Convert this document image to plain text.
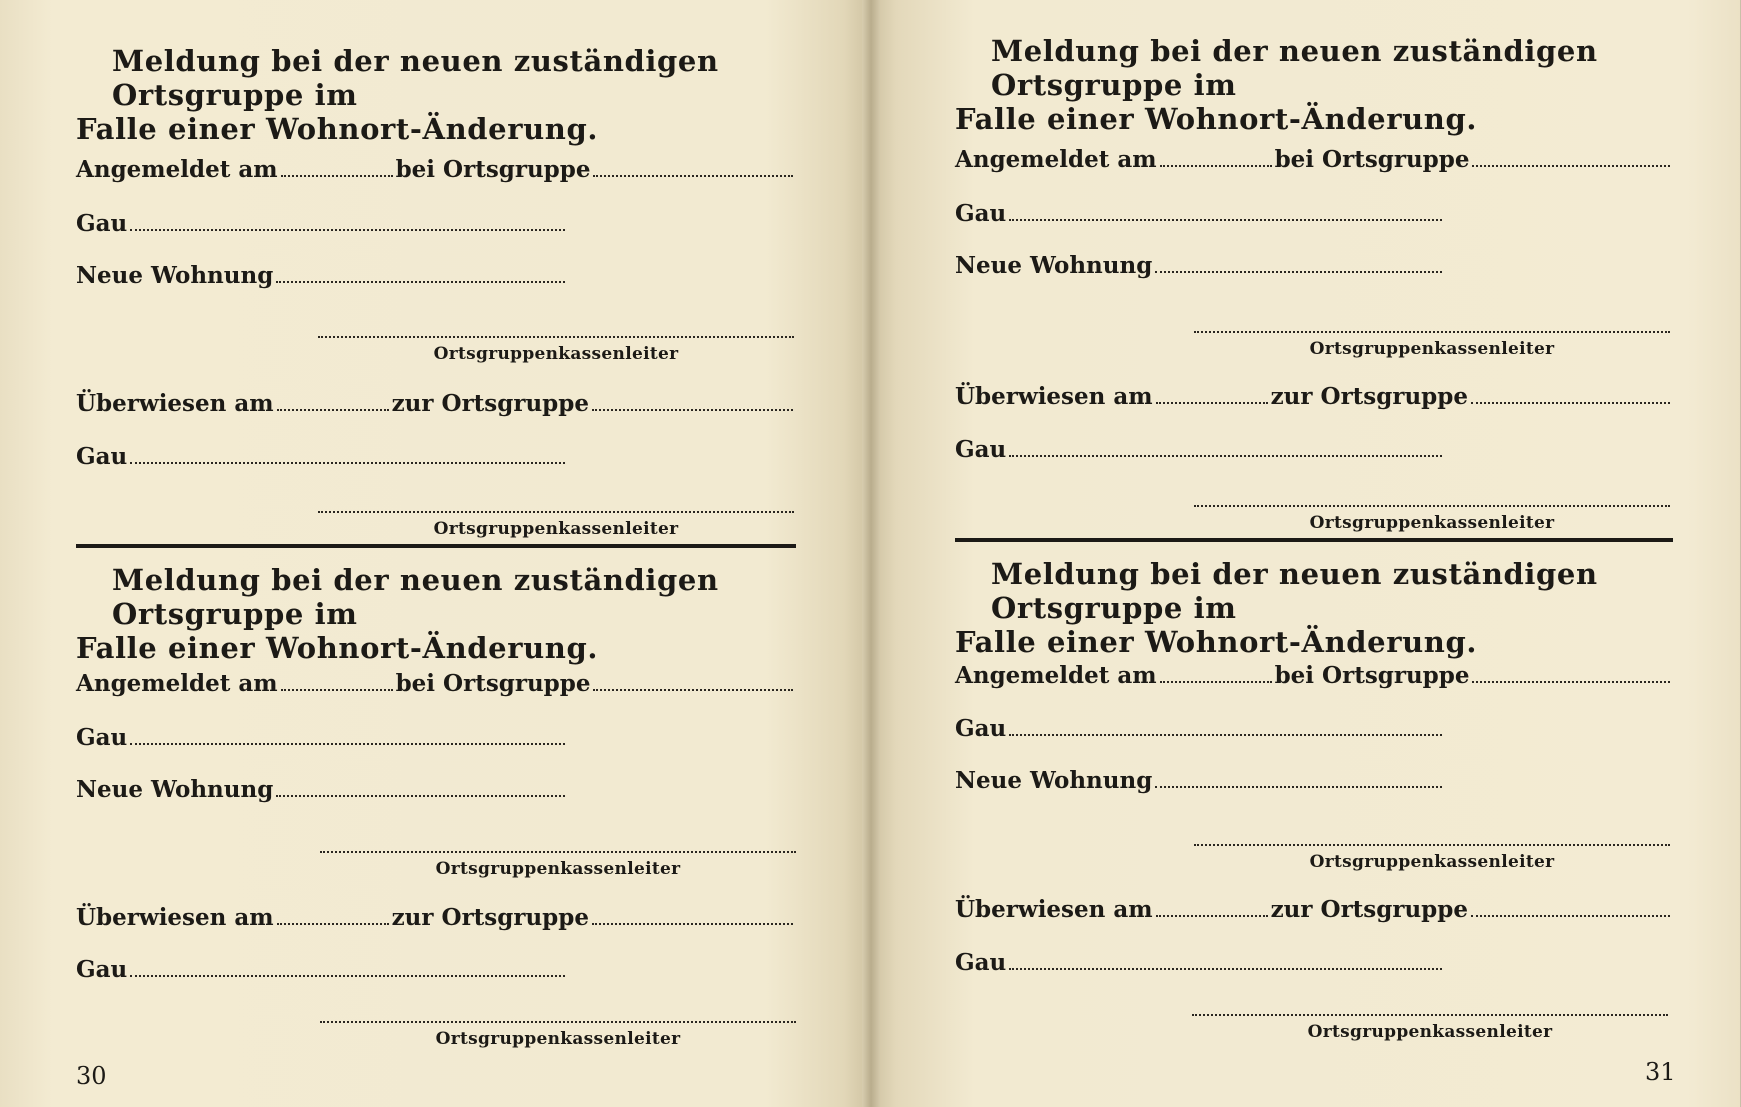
Meldung bei der neuen zuständigen Ortsgruppe im
Falle einer Wohnort-Änderung.
Angemeldet am	bei Ortsgruppe
Gau
Neue Wohnung
Ortsgruppenkassenleiter
Überwiesen am	zur Ortsgruppe
Gau
Ortsgruppenkassenleiter
Meldung bei der neuen zuständigen Ortsgruppe im
Falle einer Wohnort-Änderung.
Angemeldet am	bei Ortsgruppe
Gau
Neue Wohnung
Ortsgruppenkassenleiter
Überwiesen am	zur Ortsgruppe
Gau
Ortsgruppenkassenleiter
30
Meldung bei der neuen zuständigen Ortsgruppe im
Falle einer Wohnort-Änderung.
Angemeldet am	bei Ortsgruppe
Gau
Neue Wohnung
Ortsgruppenkassenleiter
Überwiesen am	zur Ortsgruppe
Gau
Ortsgruppenkassenleiter
Meldung bei der neuen zuständigen Ortsgruppe im
Falle einer Wohnort-Änderung.
Angemeldet am	bei Ortsgruppe
Gau
Neue Wohnung
Ortsgruppenkassenleiter
Überwiesen am	zur Ortsgruppe
Gau
Ortsgruppenkassenleiter
31
